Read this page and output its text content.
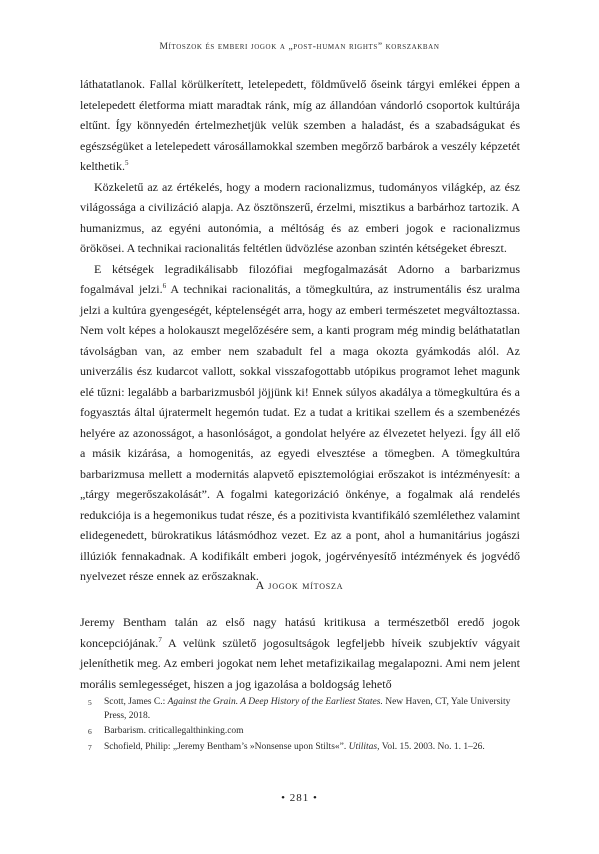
Mítoszok és emberi jogok a „post-human rights” korszakban

láthatatlanok. Fallal körülkerített, letelepedett, földművelő őseink tárgyi emlékei éppen a letelepedett életforma miatt maradtak ránk, míg az állandóan vándorló csoportok kultúrája eltűnt. Így könnyedén értelmezhetjük velük szemben a haladást, és a szabadságukat és egészségüket a letelepedett városállamokkal szemben megőrző barbárok a veszély képzetét kelthetik.$^5$

Közkeletű az az értékelés, hogy a modern racionalizmus, tudományos világkép, az ész világossága a civilizáció alapja. Az ösztönszerű, érzelmi, misztikus a barbárhoz tartozik. A humanizmus, az egyéni autonómia, a méltóság és az emberi jogok e racionalizmus örökösei. A technikai racionalitás feltétlen üdvözlése azonban szintén kétségeket ébreszt.

E kétségek legradikálisabb filozófiai megfogalmazását Adorno a barbarizmus fogalmával jelzi.$^6$ A technikai racionalitás, a tömegkultúra, az instrumentális ész uralma jelzi a kultúra gyengeségét, képtelenségét arra, hogy az emberi természetet megváltoztassa. Nem volt képes a holokauszt megelőzésére sem, a kanti program még mindig beláthatatlan távolságban van, az ember nem szabadult fel a maga okozta gyámkodás alól. Az univerzális ész kudarcot vallott, sokkal visszafogottabb utópikus programot lehet magunk elé tűzni: legalább a barbarizmusból jöjjünk ki! Ennek súlyos akadálya a tömegkultúra és a fogyasztás által újratermelt hegemón tudat. Ez a tudat a kritikai szellem és a szembenézés helyére az azonosságot, a hasonlóságot, a gondolat helyére az élvezetet helyezi. Így áll elő a másik kizárása, a homogenitás, az egyedi elvesztése a tömegben. A tömegkultúra barbarizmusa mellett a modernitás alapvető episztemológiai erőszakot is intézményesít: a „tárgy megerőszakolását”. A fogalmi kategorizáció önkénye, a fogalmak alá rendelés redukciója is a hegemonikus tudat része, és a pozitivista kvantifikáló szemlélethez valamint elidegenedett, bürokratikus látásmódhoz vezet. Ez az a pont, ahol a humanitárius jogászi illúziók fennakadnak. A kodifikált emberi jogok, jogérvényesítő intézmények és jogvédő nyelvezet része ennek az erőszaknak.

A jogok mítosza

Jeremy Bentham talán az első nagy hatású kritikusa a természetből eredő jogok koncepciójának.$^7$ A velünk születő jogosultságok legfeljebb híveik szubjektív vágyait jeleníthetik meg. Az emberi jogokat nem lehet metafizikailag megalapozni. Ami nem jelent morális semlegességet, hiszen a jog igazolása a boldogság lehető

5	Scott, James C.: Against the Grain. A Deep History of the Earliest States. New Haven, CT, Yale University Press, 2018.
6	Barbarism. criticallegalthinking.com
7	Schofield, Philip: „Jeremy Bentham’s »Nonsense upon Stilts«”. Utilitas, Vol. 15. 2003. No. 1. 1–26.
• 281 •
